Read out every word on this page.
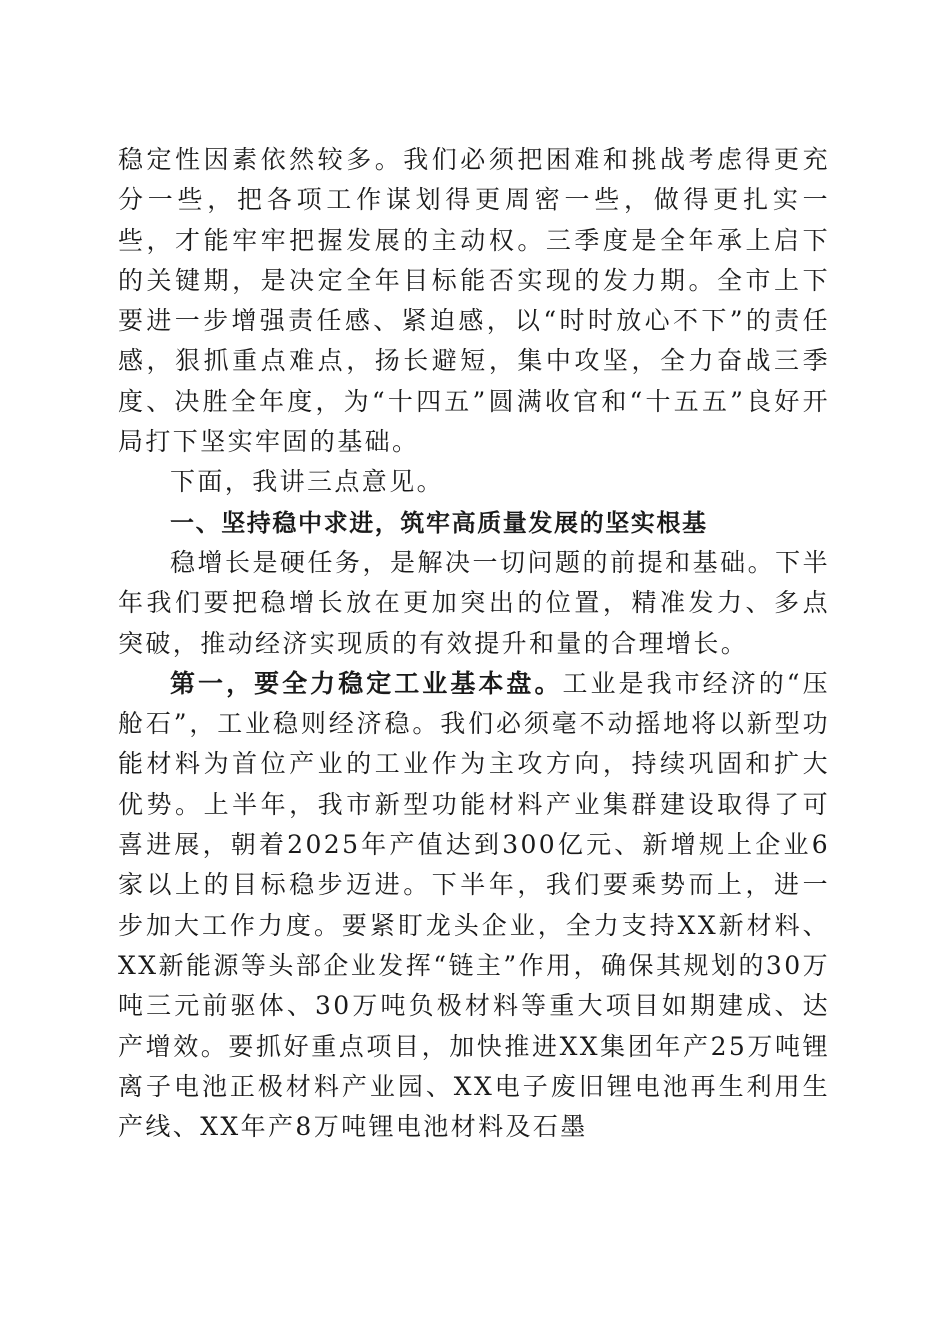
稳定性因素依然较多。我们必须把困难和挑战考虑得更充分一些，把各项工作谋划得更周密一些，做得更扎实一些，才能牢牢把握发展的主动权。三季度是全年承上启下的关键期，是决定全年目标能否实现的发力期。全市上下要进一步增强责任感、紧迫感，以“时时放心不下”的责任感，狠抓重点难点，扬长避短，集中攻坚，全力奋战三季度、决胜全年度，为“十四五”圆满收官和“十五五”良好开局打下坚实牢固的基础。

下面，我讲三点意见。

一、坚持稳中求进，筑牢高质量发展的坚实根基

稳增长是硬任务，是解决一切问题的前提和基础。下半年我们要把稳增长放在更加突出的位置，精准发力、多点突破，推动经济实现质的有效提升和量的合理增长。

第一，要全力稳定工业基本盘。工业是我市经济的“压舱石”，工业稳则经济稳。我们必须毫不动摇地将以新型功能材料为首位产业的工业作为主攻方向，持续巩固和扩大优势。上半年，我市新型功能材料产业集群建设取得了可喜进展，朝着2025年产值达到300亿元、新增规上企业6家以上的目标稳步迈进。下半年，我们要乘势而上，进一步加大工作力度。要紧盯龙头企业，全力支持XX新材料、XX新能源等头部企业发挥“链主”作用，确保其规划的30万吨三元前驱体、30万吨负极材料等重大项目如期建成、达产增效。要抓好重点项目，加快推进XX集团年产25万吨锂离子电池正极材料产业园、XX电子废旧锂电池再生利用生产线、XX年产8万吨锂电池材料及石墨
